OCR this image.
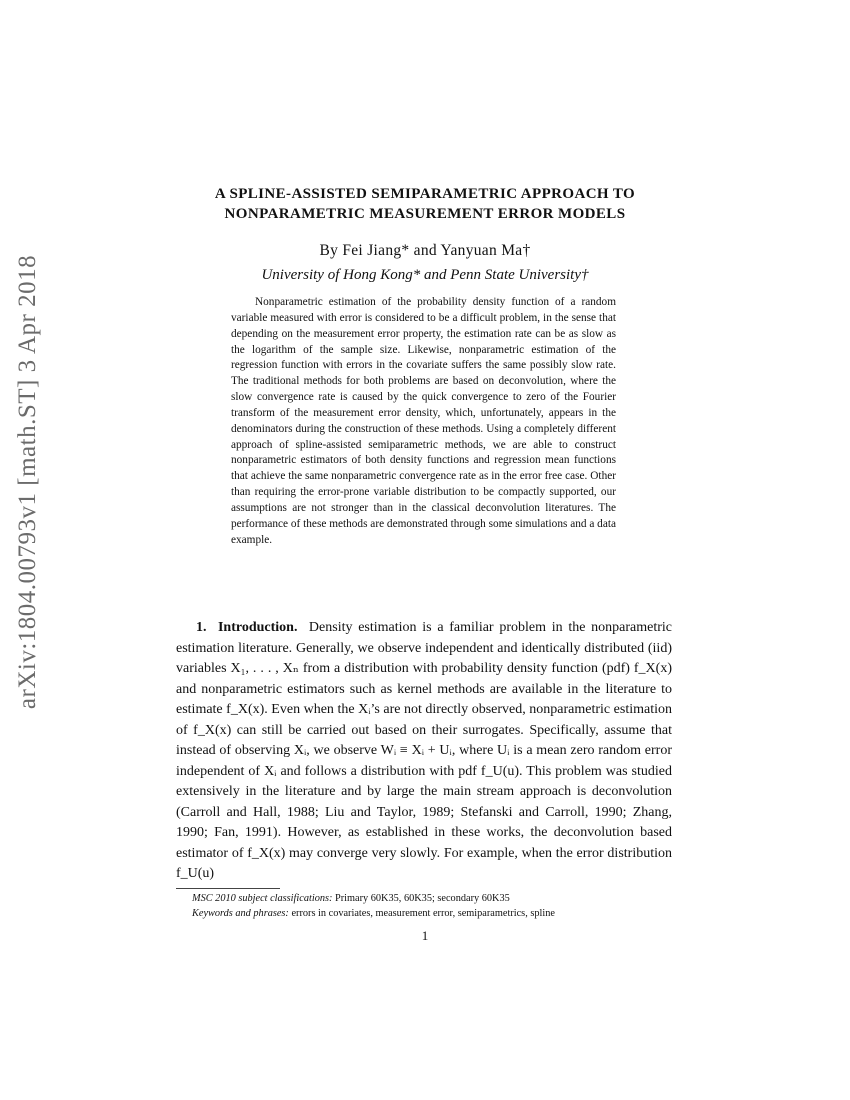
arXiv:1804.00793v1 [math.ST] 3 Apr 2018
A SPLINE-ASSISTED SEMIPARAMETRIC APPROACH TO
NONPARAMETRIC MEASUREMENT ERROR MODELS
By Fei Jiang* and Yanyuan Ma†
University of Hong Kong* and Penn State University†

Nonparametric estimation of the probability density function of a random variable measured with error is considered to be a difficult problem, in the sense that depending on the measurement error property, the estimation rate can be as slow as the logarithm of the sample size. Likewise, nonparametric estimation of the regression function with errors in the covariate suffers the same possibly slow rate. The traditional methods for both problems are based on deconvolution, where the slow convergence rate is caused by the quick convergence to zero of the Fourier transform of the measurement error density, which, unfortunately, appears in the denominators during the construction of these methods. Using a completely different approach of spline-assisted semiparametric methods, we are able to construct nonparametric estimators of both density functions and regression mean functions that achieve the same nonparametric convergence rate as in the error free case. Other than requiring the error-prone variable distribution to be compactly supported, our assumptions are not stronger than in the classical deconvolution literatures. The performance of these methods are demonstrated through some simulations and a data example.

1. Introduction. Density estimation is a familiar problem in the nonparametric estimation literature. Generally, we observe independent and identically distributed (iid) variables X₁, . . . , Xₙ from a distribution with probability density function (pdf) f_X(x) and nonparametric estimators such as kernel methods are available in the literature to estimate f_X(x). Even when the Xᵢ’s are not directly observed, nonparametric estimation of f_X(x) can still be carried out based on their surrogates. Specifically, assume that instead of observing Xᵢ, we observe Wᵢ ≡ Xᵢ + Uᵢ, where Uᵢ is a mean zero random error independent of Xᵢ and follows a distribution with pdf f_U(u). This problem was studied extensively in the literature and by large the main stream approach is deconvolution (Carroll and Hall, 1988; Liu and Taylor, 1989; Stefanski and Carroll, 1990; Zhang, 1990; Fan, 1991). However, as established in these works, the deconvolution based estimator of f_X(x) may converge very slowly. For example, when the error distribution f_U(u)

MSC 2010 subject classifications: Primary 60K35, 60K35; secondary 60K35
Keywords and phrases: errors in covariates, measurement error, semiparametrics, spline
1
